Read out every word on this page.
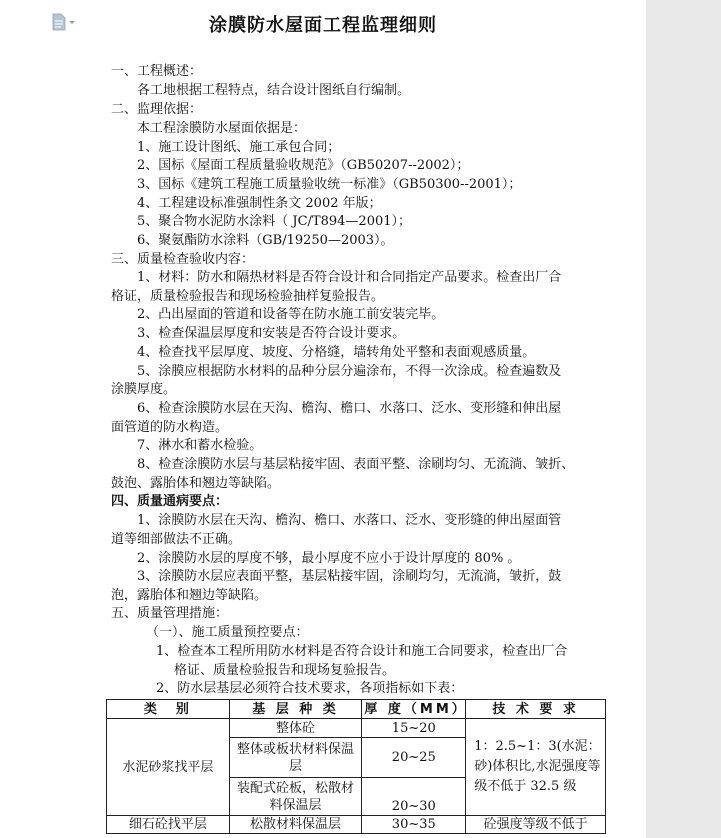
涂膜防水屋面工程监理细则
一、工程概述：
各工地根据工程特点，结合设计图纸自行编制。
二、监理依据：
本工程涂膜防水屋面依据是：
1、施工设计图纸、施工承包合同；
2、国标《屋面工程质量验收规范》（GB50207--2002）；
3、国标《建筑工程施工质量验收统一标准》（GB50300--2001）；
4、工程建设标准强制性条文 2002 年版；
5、聚合物水泥防水涂料（ JC/T894—2001）；
6、聚氨酯防水涂料（GB/19250—2003）。
三、质量检查验收内容：
1、材料：防水和隔热材料是否符合设计和合同指定产品要求。检查出厂合
格证，质量检验报告和现场检验抽样复验报告。
2、凸出屋面的管道和设备等在防水施工前安装完毕。
3、检查保温层厚度和安装是否符合设计要求。
4、检查找平层厚度、坡度、分格缝，墙转角处平整和表面观感质量。
5、涂膜应根据防水材料的品种分层分遍涂布，不得一次涂成。检查遍数及
涂膜厚度。
6、检查涂膜防水层在天沟、檐沟、檐口、水落口、泛水、变形缝和伸出屋
面管道的防水构造。
7、淋水和蓄水检验。
8、检查涂膜防水层与基层粘接牢固、表面平整、涂刷均匀、无流淌、皱折、
鼓泡、露胎体和翘边等缺陷。
四、质量通病要点：
1、涂膜防水层在天沟、檐沟、檐口、水落口、泛水、变形缝的伸出屋面管
道等细部做法不正确。
2、涂膜防水层的厚度不够，最小厚度不应小于设计厚度的 80% 。
3、涂膜防水层应表面平整，基层粘接牢固，涂刷均匀，无流淌，皱折，鼓
泡，露胎体和翘边等缺陷。
五、质量管理措施：
（一）、施工质量预控要点：
1、检查本工程所用防水材料是否符合设计和施工合同要求，检查出厂合
格证、质量检验报告和现场复验报告。
2、防水层基层必须符合技术要求，各项指标如下表：
类　别	基 层 种 类	厚 度（MM）	技 术 要 求
水泥砂浆找平层	整体砼	15~20	1：2.5~1：3(水泥：砂)体积比,水泥强度等级不低于 32.5 级
	整体或板状材料保温层	20~25	
	装配式砼板，松散材料保温层	20~30	
细石砼找平层	松散材料保温层	30~35	砼强度等级不低于
